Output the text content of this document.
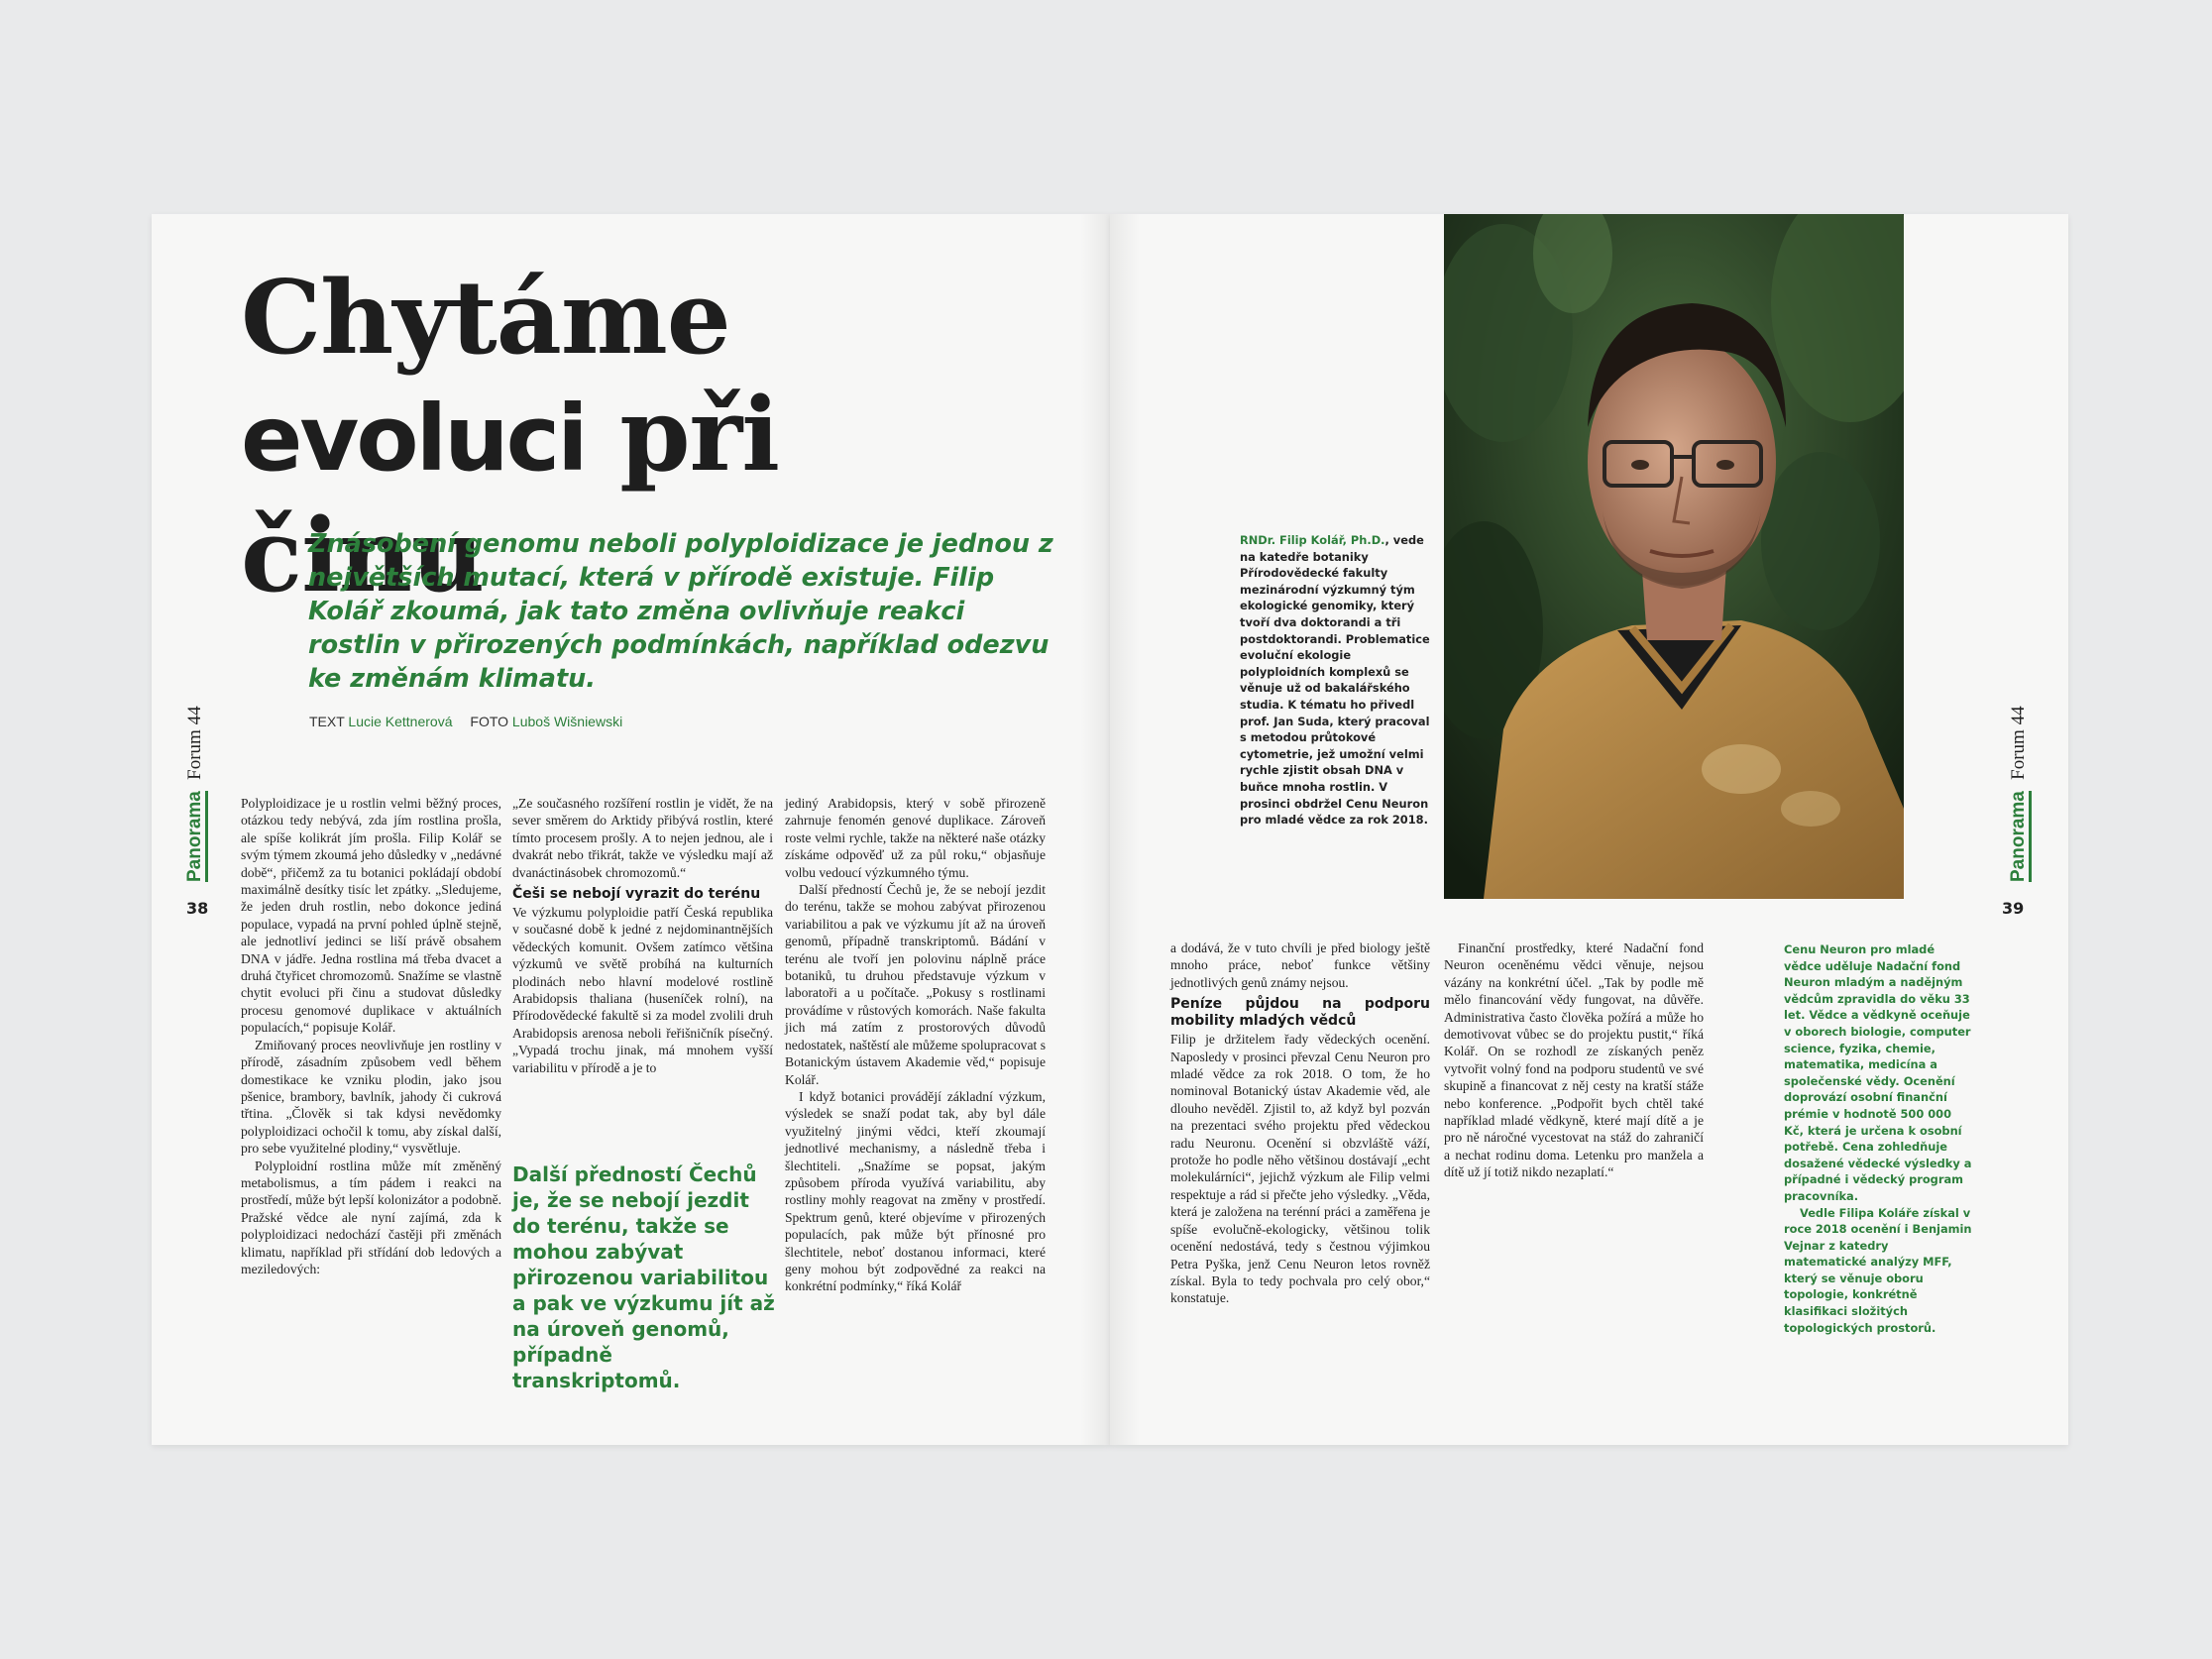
Chytáme
evoluci při činu
Znásobení genomu neboli polyploidizace je jednou z největších mutací, která v přírodě existuje. Filip Kolář zkoumá, jak tato změna ovlivňuje reakci rostlin v přirozených podmínkách, například odezvu ke změnám klimatu.
TEXT Lucie Kettnerová FOTO Luboš Wišniewski
Panorama Forum 44
38

Polyploidizace je u rostlin velmi běžný proces, otázkou tedy nebývá, zda jím rostlina prošla, ale spíše kolikrát jím prošla. Filip Kolář se svým týmem zkoumá jeho důsledky v „nedávné době“, přičemž za tu botanici pokládají období maximálně desítky tisíc let zpátky. „Sledujeme, že jeden druh rostlin, nebo dokonce jediná populace, vypadá na první pohled úplně stejně, ale jednotliví jedinci se liší právě obsahem DNA v jádře. Jedna rostlina má třeba dvacet a druhá čtyřicet chromozomů. Snažíme se vlastně chytit evoluci při činu a studovat důsledky procesu genomové duplikace v aktuálních populacích,“ popisuje Kolář.

Zmiňovaný proces neovlivňuje jen rostliny v přírodě, zásadním způsobem vedl během domestikace ke vzniku plodin, jako jsou pšenice, brambory, bavlník, jahody či cukrová třtina. „Člověk si tak kdysi nevědomky polyploidizaci ochočil k tomu, aby získal další, pro sebe využitelné plodiny,“ vysvětluje.

Polyploidní rostlina může mít změněný metabolismus, a tím pádem i reakci na prostředí, může být lepší kolonizátor a podobně. Pražské vědce ale nyní zajímá, zda k polyploidizaci nedochází častěji při změnách klimatu, například při střídání dob ledových a meziledových:

„Ze současného rozšíření rostlin je vidět, že na sever směrem do Arktidy přibývá rostlin, které tímto procesem prošly. A to nejen jednou, ale i dvakrát nebo třikrát, takže ve výsledku mají až dvanáctinásobek chromozomů.“

Češi se nebojí vyrazit do terénu

Ve výzkumu polyploidie patří Česká republika v současné době k jedné z nejdominantnějších vědeckých komunit. Ovšem zatímco většina výzkumů ve světě probíhá na kulturních plodinách nebo hlavní modelové rostlině Arabidopsis thaliana (huseníček rolní), na Přírodovědecké fakultě si za model zvolili druh Arabidopsis arenosa neboli řeřišničník písečný. „Vypadá trochu jinak, má mnohem vyšší variabilitu v přírodě a je to

Další předností Čechů je, že se nebojí jezdit do terénu, takže se mohou zabývat přirozenou variabilitou a pak ve výzkumu jít až na úroveň genomů, případně transkriptomů.

jediný Arabidopsis, který v sobě přirozeně zahrnuje fenomén genové duplikace. Zároveň roste velmi rychle, takže na některé naše otázky získáme odpověď už za půl roku,“ objasňuje volbu vedoucí výzkumného týmu.

Další předností Čechů je, že se nebojí jezdit do terénu, takže se mohou zabývat přirozenou variabilitou a pak ve výzkumu jít až na úroveň genomů, případně transkriptomů. Bádání v terénu ale tvoří jen polovinu náplně práce botaniků, tu druhou představuje výzkum v laboratoři a u počítače. „Pokusy s rostlinami provádíme v růstových komorách. Naše fakulta jich má zatím z prostorových důvodů nedostatek, naštěstí ale můžeme spolupracovat s Botanickým ústavem Akademie věd,“ popisuje Kolář.

I když botanici provádějí základní výzkum, výsledek se snaží podat tak, aby byl dále využitelný jinými vědci, kteří zkoumají jednotlivé mechanismy, a následně třeba i šlechtiteli. „Snažíme se popsat, jakým způsobem příroda využívá variabilitu, aby rostliny mohly reagovat na změny v prostředí. Spektrum genů, které objevíme v přirozených populacích, pak může být přínosné pro šlechtitele, neboť dostanou informaci, které geny mohou být zodpovědné za reakci na konkrétní podmínky,“ říká Kolář

RNDr. Filip Kolář, Ph.D., vede na katedře botaniky Přírodovědecké fakulty mezinárodní výzkumný tým ekologické genomiky, který tvoří dva doktorandi a tři postdoktorandi. Problematice evoluční ekologie polyploidních komplexů se věnuje už od bakalářského studia. K tématu ho přivedl prof. Jan Suda, který pracoval s metodou průtokové cytometrie, jež umožní velmi rychle zjistit obsah DNA v buňce mnoha rostlin. V prosinci obdržel Cenu Neuron pro mladé vědce za rok 2018.	Panorama Forum 44
39

a dodává, že v tuto chvíli je před biology ještě mnoho práce, neboť funkce většiny jednotlivých genů známy nejsou.

Peníze půjdou na podporu mobility mladých vědců

Filip je držitelem řady vědeckých ocenění. Naposledy v prosinci převzal Cenu Neuron pro mladé vědce za rok 2018. O tom, že ho nominoval Botanický ústav Akademie věd, ale dlouho nevěděl. Zjistil to, až když byl pozván na prezentaci svého projektu před vědeckou radu Neuronu. Ocenění si obzvláště váží, protože ho podle něho většinou dostávají „echt molekulárníci“, jejichž výzkum ale Filip velmi respektuje a rád si přečte jeho výsledky. „Věda, která je založena na terénní práci a zaměřena je spíše evolučně-ekologicky, většinou tolik ocenění nedostává, tedy s čestnou výjimkou Petra Pyška, jenž Cenu Neuron letos rovněž získal. Byla to tedy pochvala pro celý obor,“ konstatuje.

Finanční prostředky, které Nadační fond Neuron oceněnému vědci věnuje, nejsou vázány na konkrétní účel. „Tak by podle mě mělo financování vědy fungovat, na důvěře. Administrativa často člověka požírá a může ho demotivovat vůbec se do projektu pustit,“ říká Kolář. On se rozhodl ze získaných peněz vytvořit volný fond na podporu studentů ve své skupině a financovat z něj cesty na kratší stáže nebo konference. „Podpořit bych chtěl také například mladé vědkyně, které mají dítě a je pro ně náročné vycestovat na stáž do zahraničí a nechat rodinu doma. Letenku pro manžela a dítě už jí totiž nikdo nezaplatí.“

Cenu Neuron pro mladé vědce uděluje Nadační fond Neuron mladým a nadějným vědcům zpravidla do věku 33 let. Vědce a vědkyně oceňuje v oborech biologie, computer science, fyzika, chemie, matematika, medicína a společenské vědy. Ocenění doprovází osobní finanční prémie v hodnotě 500 000 Kč, která je určena k osobní potřebě. Cena zohledňuje dosažené vědecké výsledky a případné i vědecký program pracovníka.

Vedle Filipa Koláře získal v roce 2018 ocenění i Benjamin Vejnar z katedry matematické analýzy MFF, který se věnuje oboru topologie, konkrétně klasifikaci složitých topologických prostorů.
